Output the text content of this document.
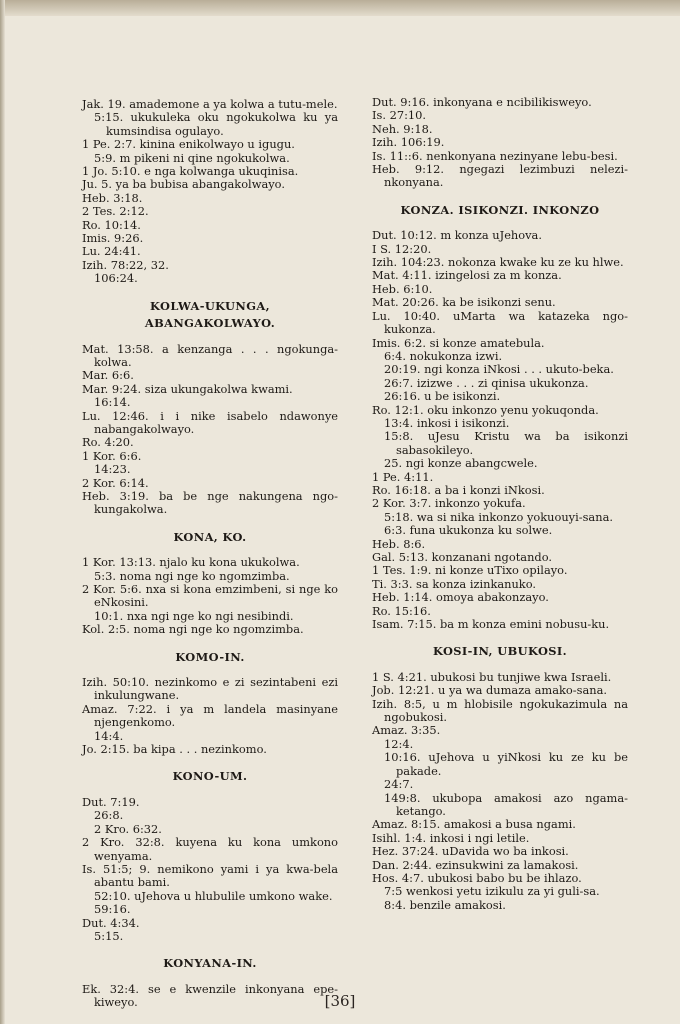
Jak. 19. amademone a ya kolwa a tutu-mele.
5:15. ukukuleka oku ngokukolwa ku ya kumsindisa ogulayo.
1 Pe. 2:7. kinina enikolwayo u igugu.
5:9. m pikeni ni qine ngokukolwa.
1 Jo. 5:10. e nga kolwanga ukuqinisa.
Ju. 5. ya ba bubisa abangakolwayo.
Heb. 3:18.
2 Tes. 2:12.
Ro. 10:14.
Imis. 9:26.
Lu. 24:41.
Izih. 78:22, 32.
106:24.
KOLWA-UKUNGA,
ABANGAKOLWAYO.
Mat. 13:58. a kenzanga . . . ngokunga-kolwa.
Mar. 6:6.
Mar. 9:24. siza ukungakolwa kwami.
16:14.
Lu. 12:46. i i nike isabelo ndawonye nabangakolwayo.
Ro. 4:20.
1 Kor. 6:6.
14:23.
2 Kor. 6:14.
Heb. 3:19. ba be nge nakungena ngo-kungakolwa.
KONA, KO.
1 Kor. 13:13. njalo ku kona ukukolwa.
5:3. noma ngi nge ko ngomzimba.
2 Kor. 5:6. nxa si kona emzimbeni, si nge ko eNkosini.
10:1. nxa ngi nge ko ngi nesibindi.
Kol. 2:5. noma ngi nge ko ngomzimba.
KOMO-IN.
Izih. 50:10. nezinkomo e zi sezintabeni ezi inkulungwane.
Amaz. 7:22. i ya m landela masinyane njengenkomo.
14:4.
Jo. 2:15. ba kipa . . . nezinkomo.
KONO-UM.
Dut. 7:19.
26:8.
2 Kro. 6:32.
2 Kro. 32:8. kuyena ku kona umkono wenyama.
Is. 51:5; 9. nemikono yami i ya kwa-bela abantu bami.
52:10. uJehova u hlubulile umkono wake.
59:16.
Dut. 4:34.
5:15.
KONYANA-IN.
Ek. 32:4. se e kwenzile inkonyana epe-kiweyo.
Dut. 9:16. inkonyana e ncibilikisweyo.
Is. 27:10.
Neh. 9:18.
Izih. 106:19.
Is. 11::6. nenkonyana nezinyane lebu-besi.
Heb. 9:12. ngegazi lezimbuzi nelezi-nkonyana.
KONZA. ISIKONZI. INKONZO
Dut. 10:12. m konza uJehova.
I S. 12:20.
Izih. 104:23. nokonza kwake ku ze ku hlwe.
Mat. 4:11. izingelosi za m konza.
Heb. 6:10.
Mat. 20:26. ka be isikonzi senu.
Lu. 10:40. uMarta wa katazeka ngo-kukonza.
Imis. 6:2. si konze amatebula.
6:4. nokukonza izwi.
20:19. ngi konza iNkosi . . . ukuto-beka.
26:7. izizwe . . . zi qinisa ukukonza.
26:16. u be isikonzi.
Ro. 12:1. oku inkonzo yenu yokuqonda.
13:4. inkosi i isikonzi.
15:8. uJesu Kristu wa ba isikonzi sabasokileyo.
25. ngi konze abangcwele.
1 Pe. 4:11.
Ro. 16:18. a ba i konzi iNkosi.
2 Kor. 3:7. inkonzo yokufa.
5:18. wa si nika inkonzo yokuouyi-sana.
6:3. funa ukukonza ku solwe.
Heb. 8:6.
Gal. 5:13. konzanani ngotando.
1 Tes. 1:9. ni konze uTixo opilayo.
Ti. 3:3. sa konza izinkanuko.
Heb. 1:14. omoya abakonzayo.
Ro. 15:16.
Isam. 7:15. ba m konza emini nobusu-ku.
KOSI-IN, UBUKOSI.
1 S. 4:21. ubukosi bu tunjiwe kwa Israeli.
Job. 12:21. u ya wa dumaza amako-sana.
Izih. 8:5, u m hlobisile ngokukazimula na ngobukosi.
Amaz. 3:35.
12:4.
10:16. uJehova u yiNkosi ku ze ku be pakade.
24:7.
149:8. ukubopa amakosi azo ngama-ketango.
Amaz. 8:15. amakosi a busa ngami.
Isihl. 1:4. inkosi i ngi letile.
Hez. 37:24. uDavida wo ba inkosi.
Dan. 2:44. ezinsukwini za lamakosi.
Hos. 4:7. ubukosi babo bu be ihlazo.
7:5 wenkosi yetu izikulu za yi guli-sa.
8:4. benzile amakosi.
[36]
